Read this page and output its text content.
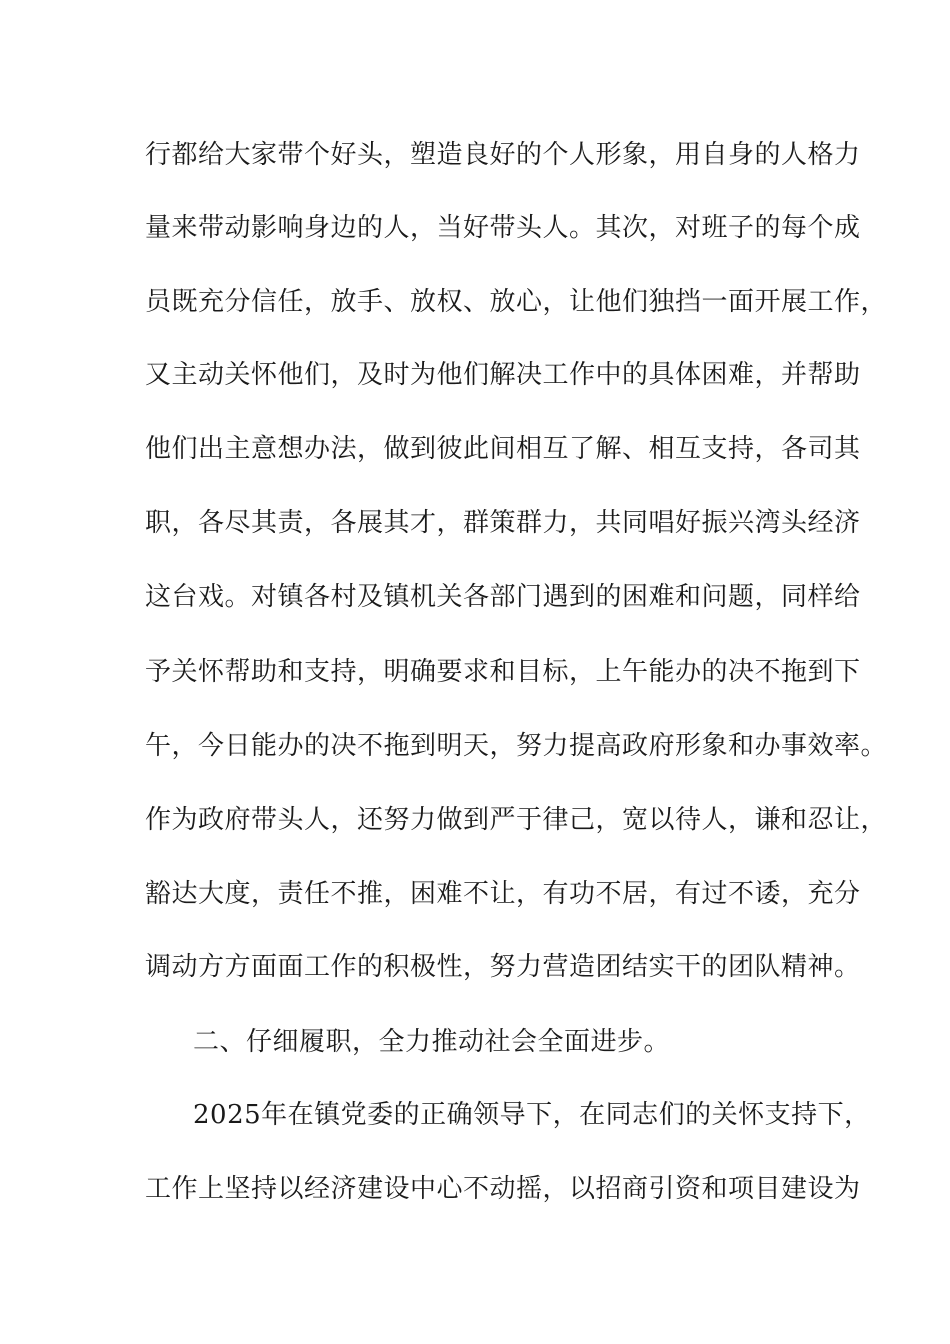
行都给大家带个好头，塑造良好的个人形象，用自身的人格力
量来带动影响身边的人，当好带头人。其次，对班子的每个成
员既充分信任，放手、放权、放心，让他们独挡一面开展工作，
又主动关怀他们，及时为他们解决工作中的具体困难，并帮助
他们出主意想办法，做到彼此间相互了解、相互支持，各司其
职，各尽其责，各展其才，群策群力，共同唱好振兴湾头经济
这台戏。对镇各村及镇机关各部门遇到的困难和问题，同样给
予关怀帮助和支持，明确要求和目标，上午能办的决不拖到下
午，今日能办的决不拖到明天，努力提高政府形象和办事效率。
作为政府带头人，还努力做到严于律己，宽以待人，谦和忍让，
豁达大度，责任不推，困难不让，有功不居，有过不诿，充分
调动方方面面工作的积极性，努力营造团结实干的团队精神。
二、仔细履职，全力推动社会全面进步。
2025年在镇党委的正确领导下，在同志们的关怀支持下，
工作上坚持以经济建设中心不动摇，以招商引资和项目建设为
